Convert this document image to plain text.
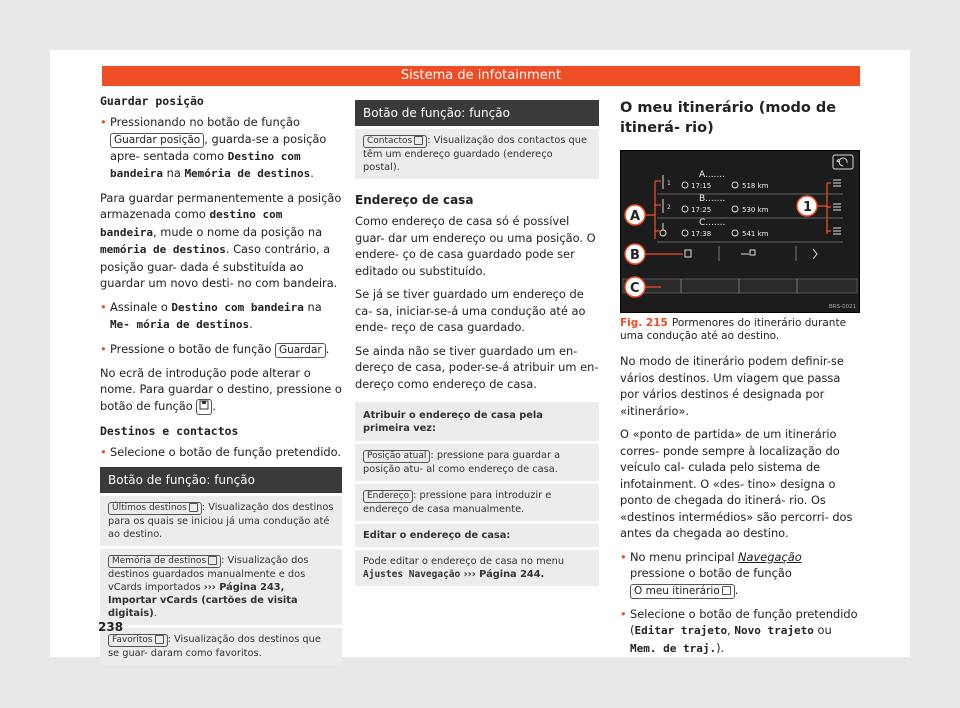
Sistema de infotainment
Guardar posição

• Pressionando no botão de função Guardar posição , guarda-se a posição apre- sentada como Destino com bandeira na Memória de destinos.

Para guardar permanentemente a posição armazenada como destino com bandeira, mude o nome da posição na memória de destinos. Caso contrário, a posição guar- dada é substituída ao guardar um novo desti- no com bandeira.

• Assinale o Destino com bandeira na Me- mória de destinos.

• Pressione o botão de função Guardar .

No ecrã de introdução pode alterar o nome. Para guardar o destino, pressione o botão de função .

Destinos e contactos

• Selecione o botão de função pretendido.

Botão de função: função
Últimos destinos : Visualização dos destinos para os quais se iniciou já uma condução até ao destino.
Memória de destinos : Visualização dos destinos guardados manualmente e dos vCards importados ››› Página 243, Importar vCards (cartões de visita digitais).
Favoritos : Visualização dos destinos que se guar- daram como favoritos.
Botão de função: função
Contactos : Visualização dos contactos que têm um endereço guardado (endereço postal).
Endereço de casa

Como endereço de casa só é possível guar- dar um endereço ou uma posição. O endere- ço de casa guardado pode ser editado ou substituído.

Se já se tiver guardado um endereço de ca- sa, iniciar-se-á uma condução até ao ende- reço de casa guardado.

Se ainda não se tiver guardado um en- dereço de casa, poder-se-á atribuir um en- dereço como endereço de casa.

Atribuir o endereço de casa pela primeira vez:
Posição atual : pressione para guardar a posição atu- al como endereço de casa.
Endereço : pressione para introduzir e endereço de casa manualmente.
Editar o endereço de casa:
Pode editar o endereço de casa no menu Ajustes Navegação ››› Página 244.
O meu itinerário (modo de itinerá- rio)
1
A.......
17:15	518 km
2
B.......
17:25	530 km
C.......
17:38	541 km
A
1
B
C
BRS-0021
Fig. 215 Pormenores do itinerário durante uma condução até ao destino.

No modo de itinerário podem definir-se vários destinos. Um viagem que passa por vários destinos é designada por «itinerário».

O «ponto de partida» de um itinerário corres- ponde sempre à localização do veículo cal- culada pelo sistema de infotainment. O «des- tino» designa o ponto de chegada do itinerá- rio. Os «destinos intermédios» são percorri- dos antes da chegada ao destino.

• No menu principal Navegação pressione o botão de função O meu itinerário .

• Selecione o botão de função pretendido (Editar trajeto, Novo trajeto ou Mem. de traj.).

238
